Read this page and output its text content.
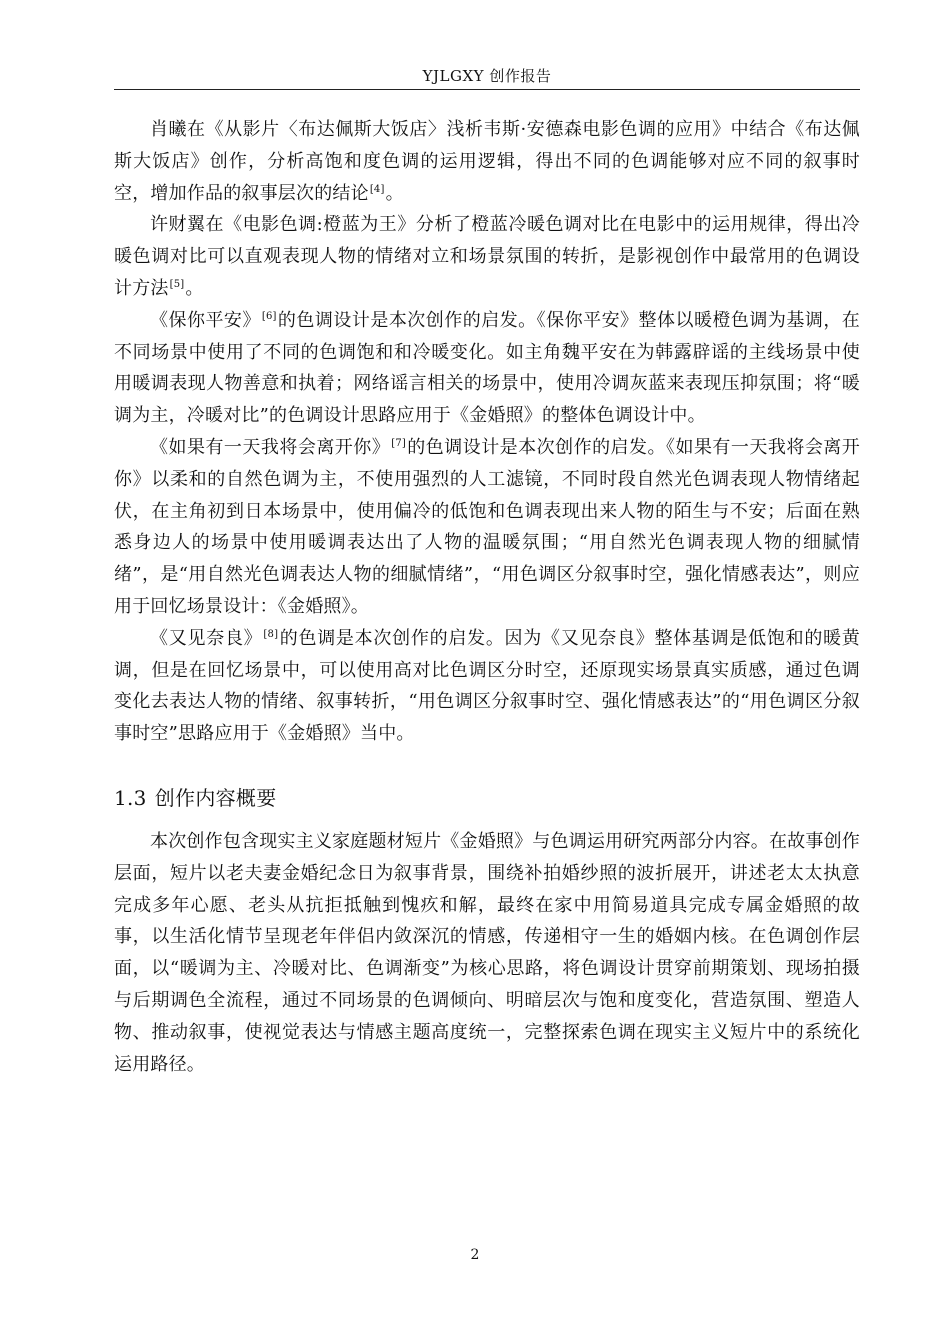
YJLGXY 创作报告

肖曦在《从影片〈布达佩斯大饭店〉浅析韦斯·安德森电影色调的应用》中结合《布达佩斯大饭店》创作，分析高饱和度色调的运用逻辑，得出不同的色调能够对应不同的叙事时空，增加作品的叙事层次的结论[4]。

许财翼在《电影色调:橙蓝为王》分析了橙蓝冷暖色调对比在电影中的运用规律，得出冷暖色调对比可以直观表现人物的情绪对立和场景氛围的转折，是影视创作中最常用的色调设计方法[5]。

《保你平安》[6]的色调设计是本次创作的启发。《保你平安》整体以暖橙色调为基调，在不同场景中使用了不同的色调饱和和冷暖变化。如主角魏平安在为韩露辟谣的主线场景中使用暖调表现人物善意和执着；网络谣言相关的场景中，使用冷调灰蓝来表现压抑氛围；将“暖调为主，冷暖对比”的色调设计思路应用于《金婚照》的整体色调设计中。

《如果有一天我将会离开你》[7]的色调设计是本次创作的启发。《如果有一天我将会离开你》以柔和的自然色调为主，不使用强烈的人工滤镜，不同时段自然光色调表现人物情绪起伏，在主角初到日本场景中，使用偏冷的低饱和色调表现出来人物的陌生与不安；后面在熟悉身边人的场景中使用暖调表达出了人物的温暖氛围；“用自然光色调表现人物的细腻情绪”，是“用自然光色调表达人物的细腻情绪”，“用色调区分叙事时空，强化情感表达”，则应用于回忆场景设计：《金婚照》。

《又见奈良》[8]的色调是本次创作的启发。因为《又见奈良》整体基调是低饱和的暖黄调，但是在回忆场景中，可以使用高对比色调区分时空，还原现实场景真实质感，通过色调变化去表达人物的情绪、叙事转折，“用色调区分叙事时空、强化情感表达”的“用色调区分叙事时空”思路应用于《金婚照》当中。

1.3 创作内容概要

本次创作包含现实主义家庭题材短片《金婚照》与色调运用研究两部分内容。在故事创作层面，短片以老夫妻金婚纪念日为叙事背景，围绕补拍婚纱照的波折展开，讲述老太太执意完成多年心愿、老头从抗拒抵触到愧疚和解，最终在家中用简易道具完成专属金婚照的故事，以生活化情节呈现老年伴侣内敛深沉的情感，传递相守一生的婚姻内核。在色调创作层面，以“暖调为主、冷暖对比、色调渐变”为核心思路，将色调设计贯穿前期策划、现场拍摄与后期调色全流程，通过不同场景的色调倾向、明暗层次与饱和度变化，营造氛围、塑造人物、推动叙事，使视觉表达与情感主题高度统一，完整探索色调在现实主义短片中的系统化运用路径。

2
